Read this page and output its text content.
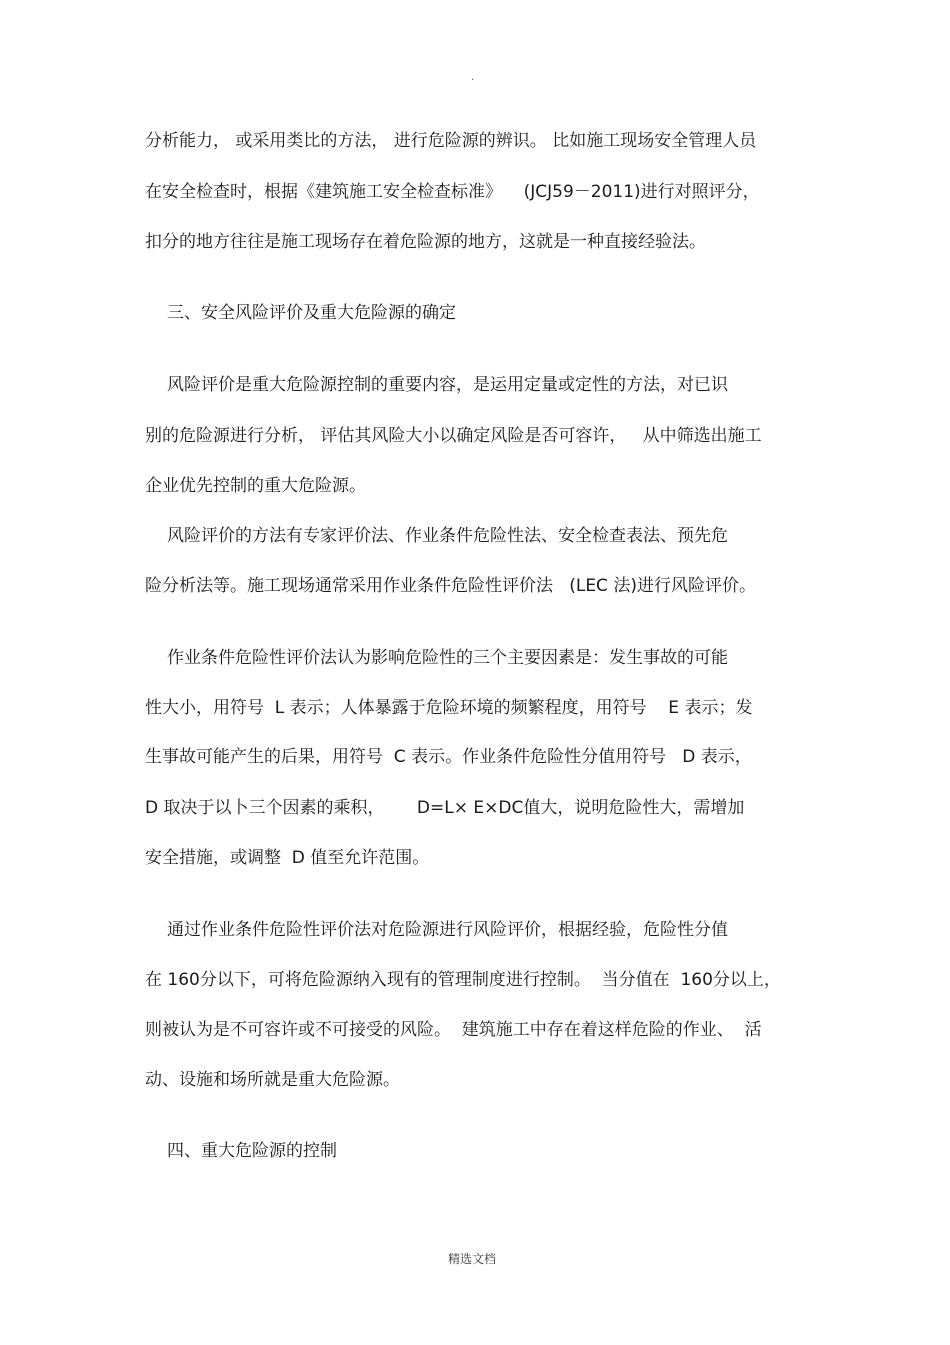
.
分析能力， 或采用类比的方法， 进行危险源的辨识。 比如施工现场安全管理人员
在安全检查时，根据《建筑施工安全检查标准》    (JCJ59－2011)进行对照评分，
扣分的地方往往是施工现场存在着危险源的地方，这就是一种直接经验法。
三、安全风险评价及重大危险源的确定
风险评价是重大危险源控制的重要内容，是运用定量或定性的方法，对已识
别的危险源进行分析， 评估其风险大小以确定风险是否可容许，   从中筛选出施工
企业优先控制的重大危险源。
风险评价的方法有专家评价法、作业条件危险性法、安全检查表法、预先危
险分析法等。施工现场通常采用作业条件危险性评价法   (LEC 法)进行风险评价。
作业条件危险性评价法认为影响危险性的三个主要因素是：发生事故的可能
性大小，用符号  L 表示；人体暴露于危险环境的频繁程度，用符号    E 表示；发
生事故可能产生的后果，用符号  C 表示。作业条件危险性分值用符号   D 表示，
D 取决于以卜三个因素的乘积，      D=L× E×DC值大，说明危险性大，需增加
安全措施，或调整  D 值至允许范围。
通过作业条件危险性评价法对危险源进行风险评价，根据经验，危险性分值
在 160分以下，可将危险源纳入现有的管理制度进行控制。  当分值在  160分以上，
则被认为是不可容许或不可接受的风险。  建筑施工中存在着这样危险的作业、  活
动、设施和场所就是重大危险源。
四、重大危险源的控制
精选文档
